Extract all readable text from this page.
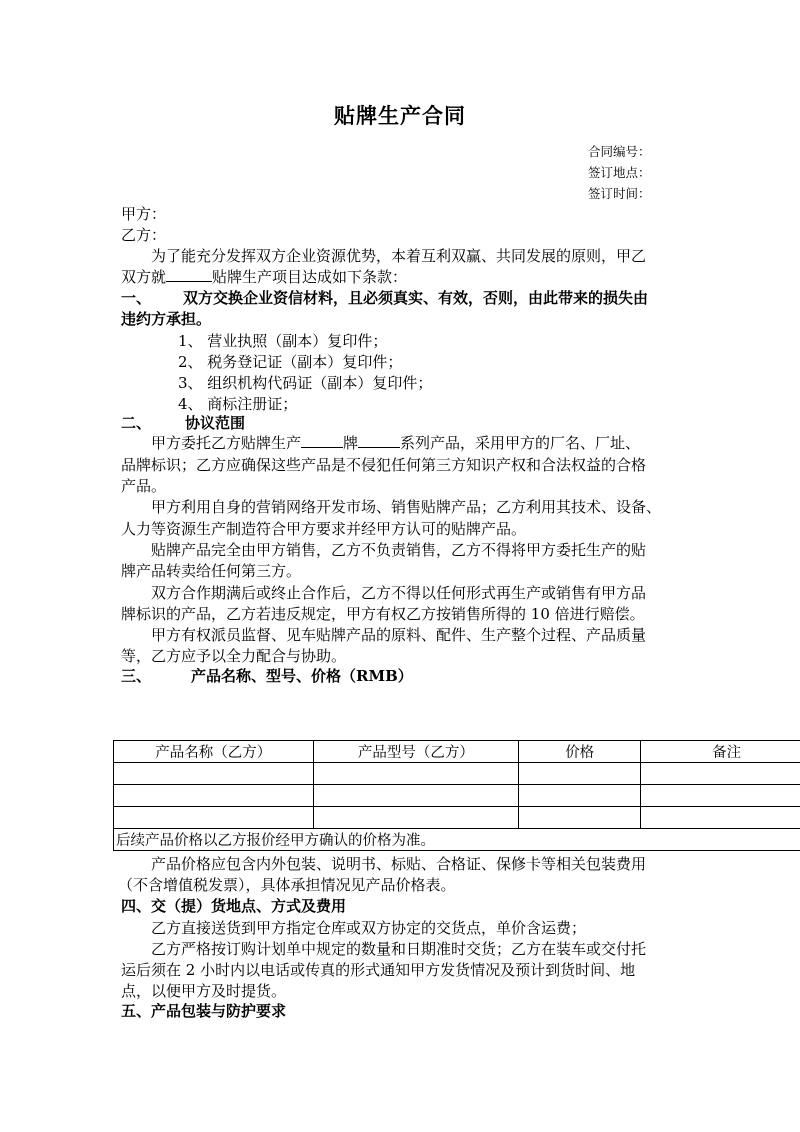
贴牌生产合同
合同编号：
签订地点：
签订时间：
甲方：
乙方：
为了能充分发挥双方企业资源优势，本着互利双赢、共同发展的原则，甲乙
双方就	贴牌生产项目达成如下条款：
一、 双方交换企业资信材料，且必须真实、有效，否则，由此带来的损失由
违约方承担。
1、 营业执照（副本）复印件；
2、 税务登记证（副本）复印件；
3、 组织机构代码证（副本）复印件；
4、 商标注册证；
二、 协议范围
甲方委托乙方贴牌生产	牌	系列产品，采用甲方的厂名、厂址、
品牌标识；乙方应确保这些产品是不侵犯任何第三方知识产权和合法权益的合格
产品。
甲方利用自身的营销网络开发市场、销售贴牌产品；乙方利用其技术、设备、
人力等资源生产制造符合甲方要求并经甲方认可的贴牌产品。
贴牌产品完全由甲方销售，乙方不负责销售，乙方不得将甲方委托生产的贴
牌产品转卖给任何第三方。
双方合作期满后或终止合作后，乙方不得以任何形式再生产或销售有甲方品
牌标识的产品，乙方若违反规定，甲方有权乙方按销售所得的 10 倍进行赔偿。
甲方有权派员监督、见车贴牌产品的原料、配件、生产整个过程、产品质量
等，乙方应予以全力配合与协助。
三、	产品名称、型号、价格（RMB）
产品名称（乙方）	产品型号（乙方）	价格	备注

后续产品价格以乙方报价经甲方确认的价格为准。			
产品价格应包含内外包装、说明书、标贴、合格证、保修卡等相关包装费用
（不含增值税发票），具体承担情况见产品价格表。
四、交（提）货地点、方式及费用
乙方直接送货到甲方指定仓库或双方协定的交货点，单价含运费；
乙方严格按订购计划单中规定的数量和日期准时交货；乙方在装车或交付托
运后须在 2 小时内以电话或传真的形式通知甲方发货情况及预计到货时间、地
点，以便甲方及时提货。
五、产品包装与防护要求
